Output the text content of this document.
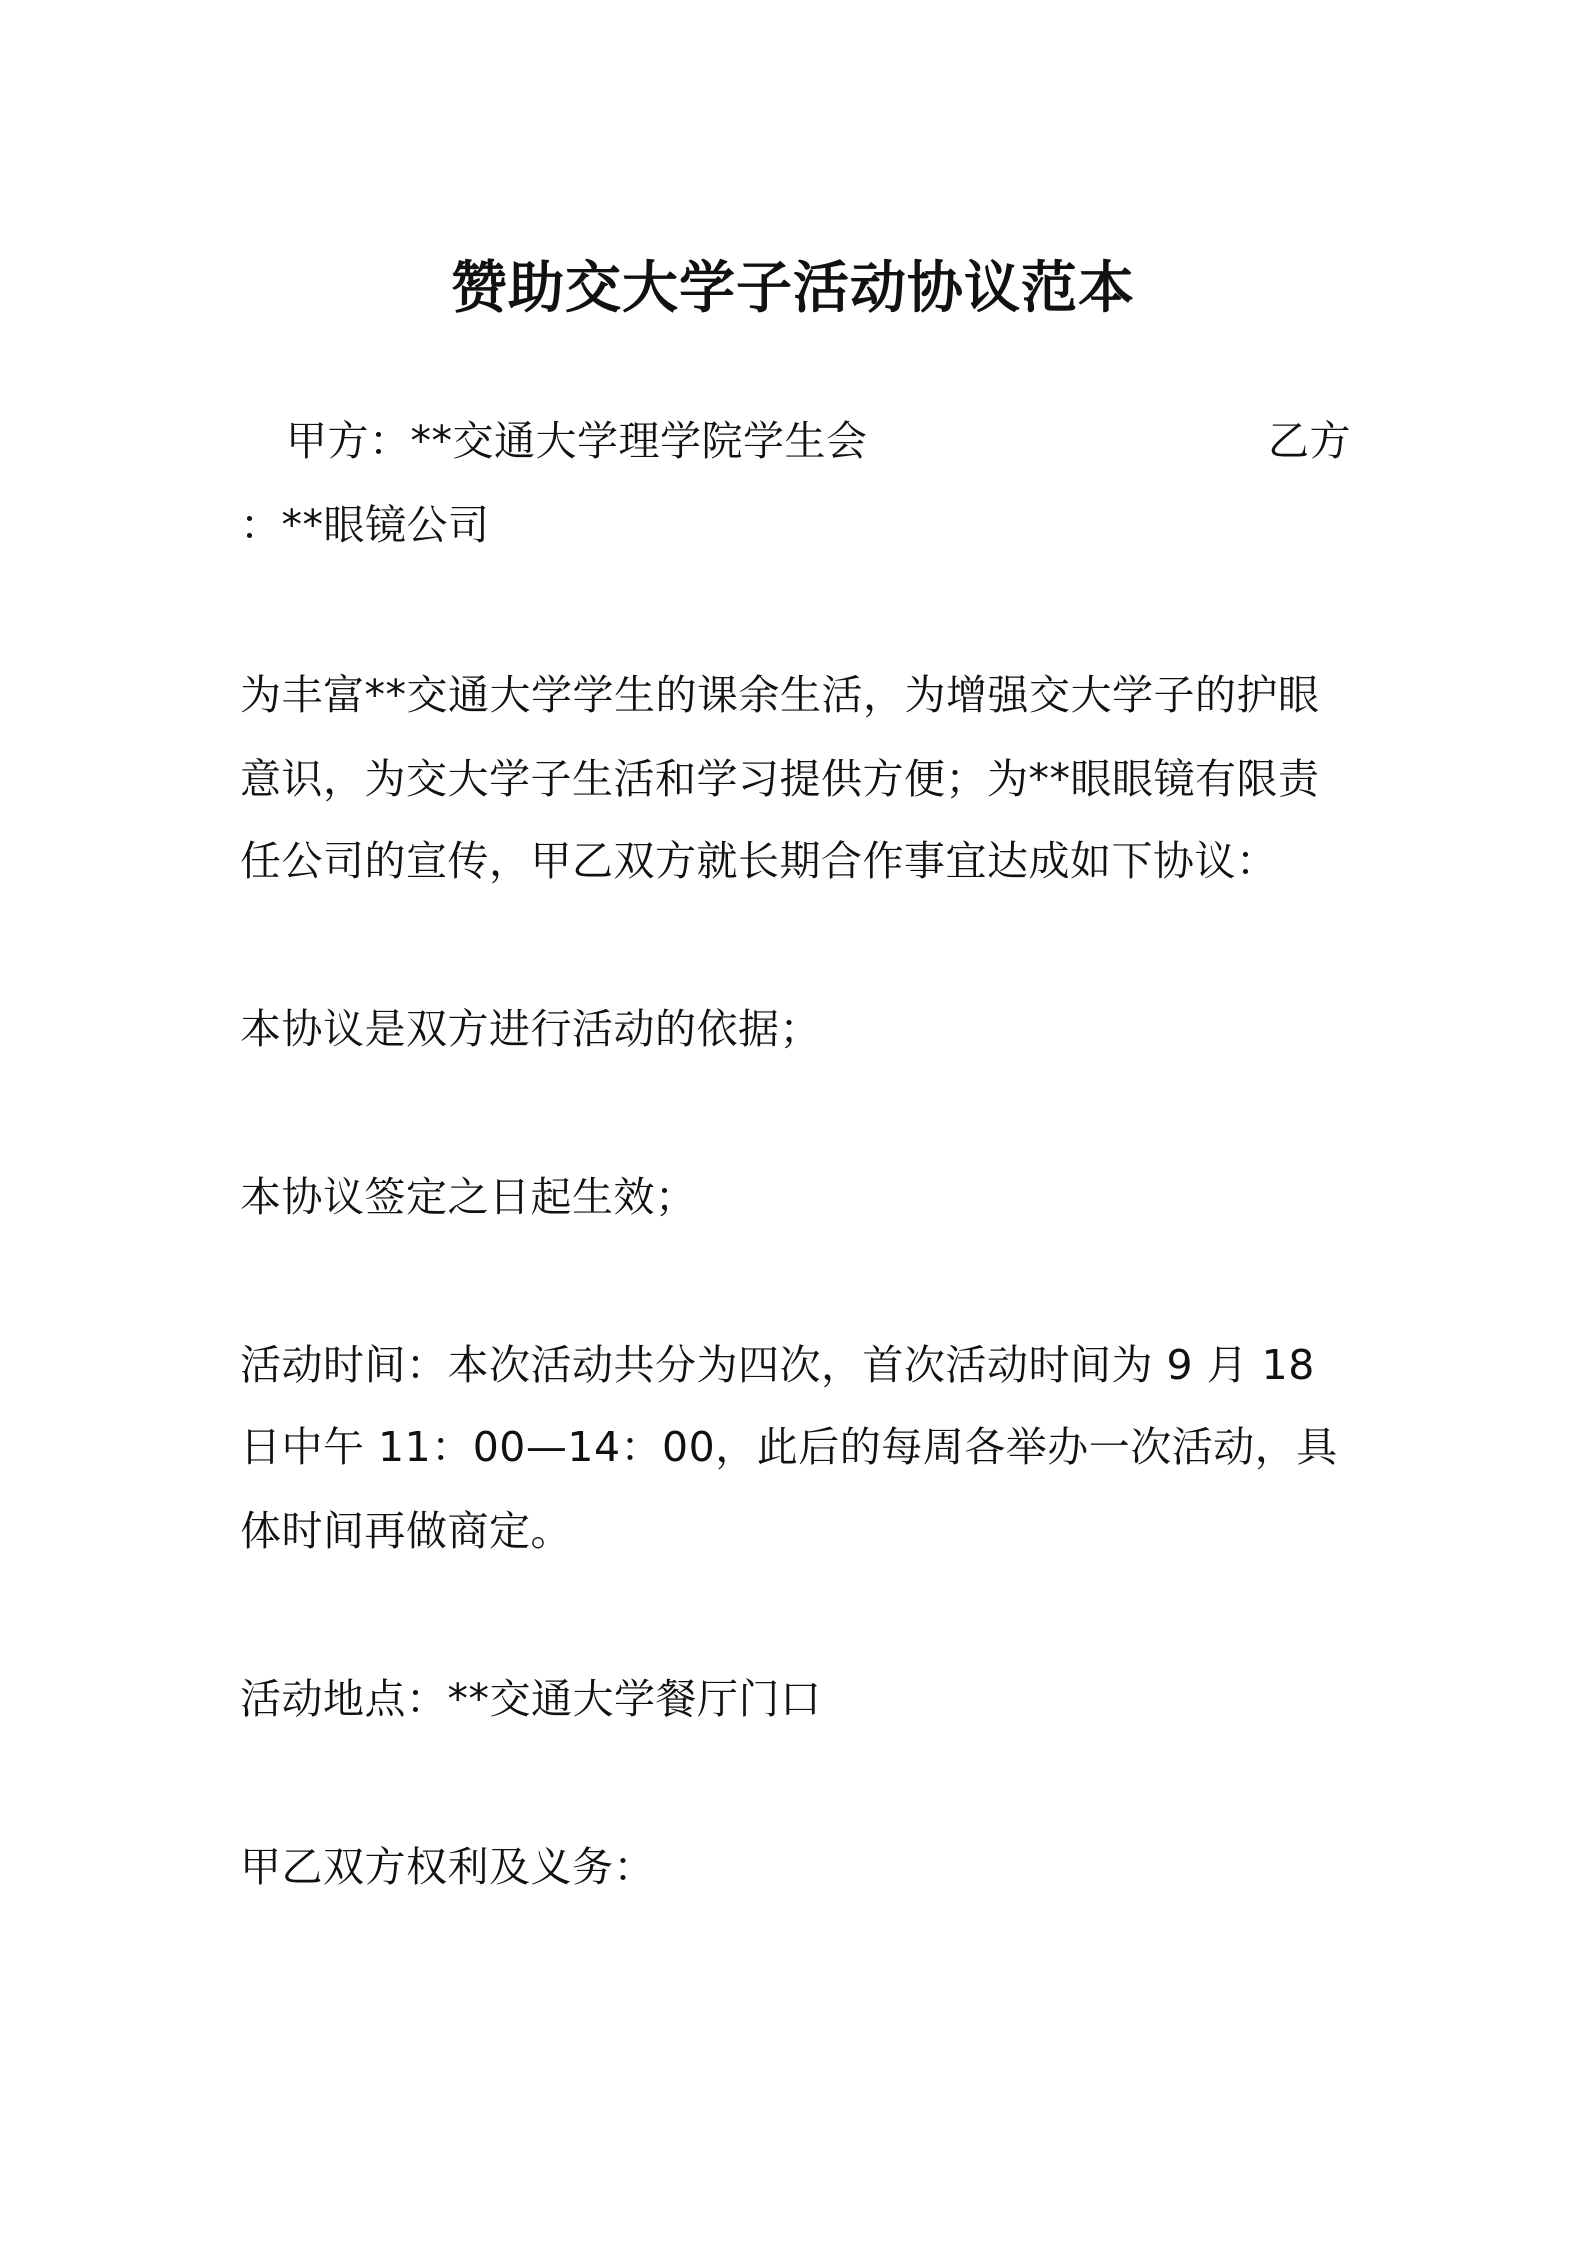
赞助交大学子活动协议范本
甲方：**交通大学理学院学生会	乙方
：**眼镜公司
为丰富**交通大学学生的课余生活，为增强交大学子的护眼
意识，为交大学子生活和学习提供方便；为**眼眼镜有限责
任公司的宣传，甲乙双方就长期合作事宜达成如下协议：
本协议是双方进行活动的依据；
本协议签定之日起生效；
活动时间：本次活动共分为四次，首次活动时间为 9 月 18
日中午 11：00—14：00，此后的每周各举办一次活动，具
体时间再做商定。
活动地点：**交通大学餐厅门口
甲乙双方权利及义务：
